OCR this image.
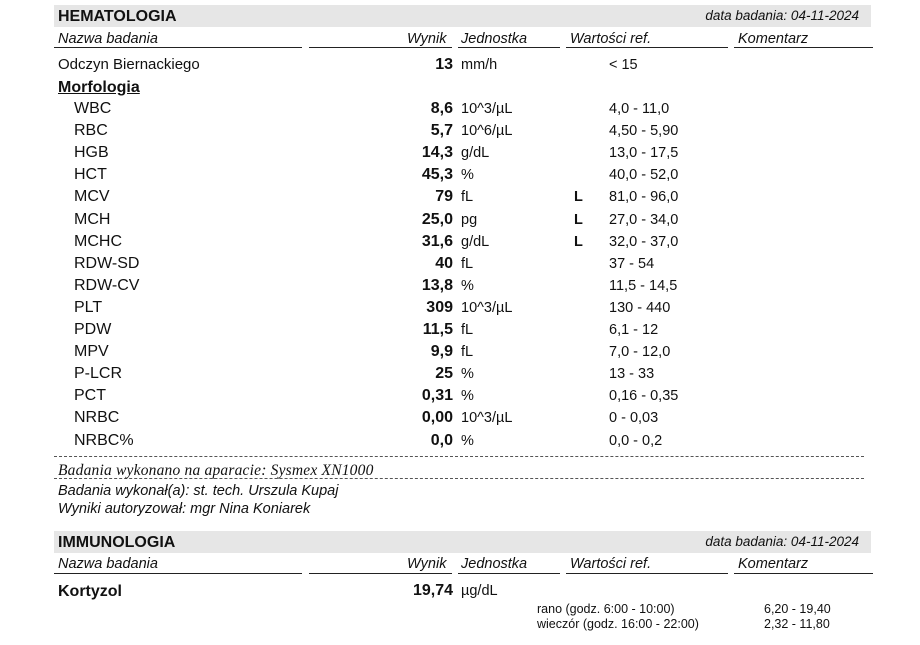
HEMATOLOGIA	data badania: 04-11-2024
Nazwa badania	Wynik Jednostka	Wartości ref.	Komentarz
Odczyn Biernackiego	13 mm/h	< 15
Morfologia
WBC	8,6 10^3/µL	4,0 - 11,0
RBC	5,7 10^6/µL	4,50 - 5,90
HGB	14,3 g/dL	13,0 - 17,5
HCT	45,3 %	40,0 - 52,0
MCV	79 fL	L 81,0 - 96,0
MCH	25,0 pg	L 27,0 - 34,0
MCHC	31,6 g/dL	L 32,0 - 37,0
RDW-SD	40 fL	37 - 54
RDW-CV	13,8 %	11,5 - 14,5
PLT	309 10^3/µL	130 - 440
PDW	11,5 fL	6,1 - 12
MPV	9,9 fL	7,0 - 12,0
P-LCR	25 %	13 - 33
PCT	0,31 %	0,16 - 0,35
NRBC	0,00 10^3/µL	0 - 0,03
NRBC%	0,0 %	0,0 - 0,2
Badania wykonano na aparacie: Sysmex XN1000
Badania wykonał(a): st. tech. Urszula Kupaj
Wyniki autoryzował: mgr Nina Koniarek
IMMUNOLOGIA	data badania: 04-11-2024
Nazwa badania	Wynik Jednostka	Wartości ref.	Komentarz
Kortyzol	19,74 µg/dL
rano (godz. 6:00 - 10:00)	6,20 - 19,40
wieczór (godz. 16:00 - 22:00)	2,32 - 11,80
